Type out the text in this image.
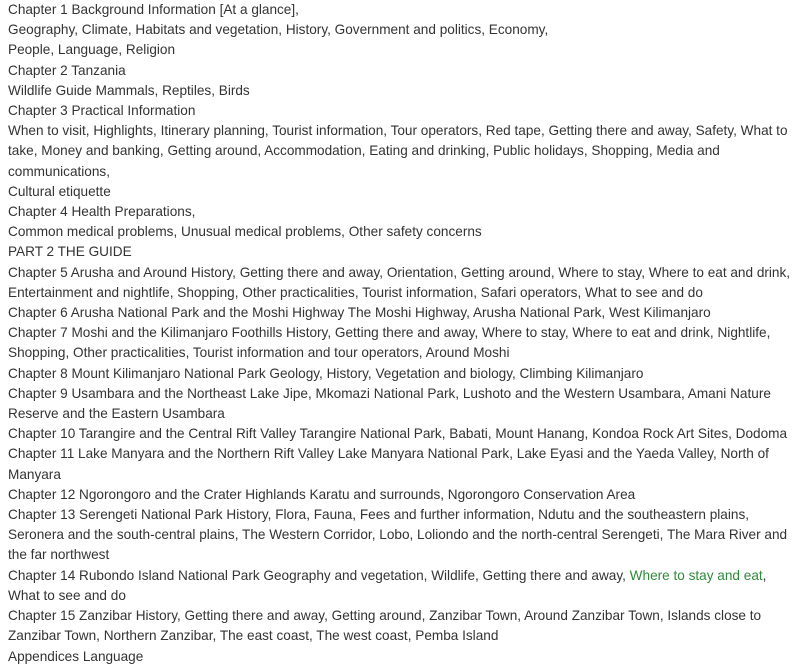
Chapter 1 Background Information [At a glance],

Geography, Climate, Habitats and vegetation, History, Government and politics, Economy,

People, Language, Religion

Chapter 2 Tanzania

Wildlife Guide Mammals, Reptiles, Birds

Chapter 3 Practical Information

When to visit, Highlights, Itinerary planning, Tourist information, Tour operators, Red tape, Getting there and away, Safety, What to take, Money and banking, Getting around, Accommodation, Eating and drinking, Public holidays, Shopping, Media and communications,

Cultural etiquette

Chapter 4 Health Preparations,

Common medical problems, Unusual medical problems, Other safety concerns

PART 2 THE GUIDE

Chapter 5 Arusha and Around History, Getting there and away, Orientation, Getting around, Where to stay, Where to eat and drink, Entertainment and nightlife, Shopping, Other practicalities, Tourist information, Safari operators, What to see and do

Chapter 6 Arusha National Park and the Moshi Highway The Moshi Highway, Arusha National Park, West Kilimanjaro

Chapter 7 Moshi and the Kilimanjaro Foothills History, Getting there and away, Where to stay, Where to eat and drink, Nightlife, Shopping, Other practicalities, Tourist information and tour operators, Around Moshi

Chapter 8 Mount Kilimanjaro National Park Geology, History, Vegetation and biology, Climbing Kilimanjaro

Chapter 9 Usambara and the Northeast Lake Jipe, Mkomazi National Park, Lushoto and the Western Usambara, Amani Nature Reserve and the Eastern Usambara

Chapter 10 Tarangire and the Central Rift Valley Tarangire National Park, Babati, Mount Hanang, Kondoa Rock Art Sites, Dodoma

Chapter 11 Lake Manyara and the Northern Rift Valley Lake Manyara National Park, Lake Eyasi and the Yaeda Valley, North of Manyara

Chapter 12 Ngorongoro and the Crater Highlands Karatu and surrounds, Ngorongoro Conservation Area

Chapter 13 Serengeti National Park History, Flora, Fauna, Fees and further information, Ndutu and the southeastern plains, Seronera and the south-central plains, The Western Corridor, Lobo, Loliondo and the north-central Serengeti, The Mara River and the far northwest

Chapter 14 Rubondo Island National Park Geography and vegetation, Wildlife, Getting there and away, Where to stay and eat, What to see and do

Chapter 15 Zanzibar History, Getting there and away, Getting around, Zanzibar Town, Around Zanzibar Town, Islands close to Zanzibar Town, Northern Zanzibar, The east coast, The west coast, Pemba Island

Appendices Language
